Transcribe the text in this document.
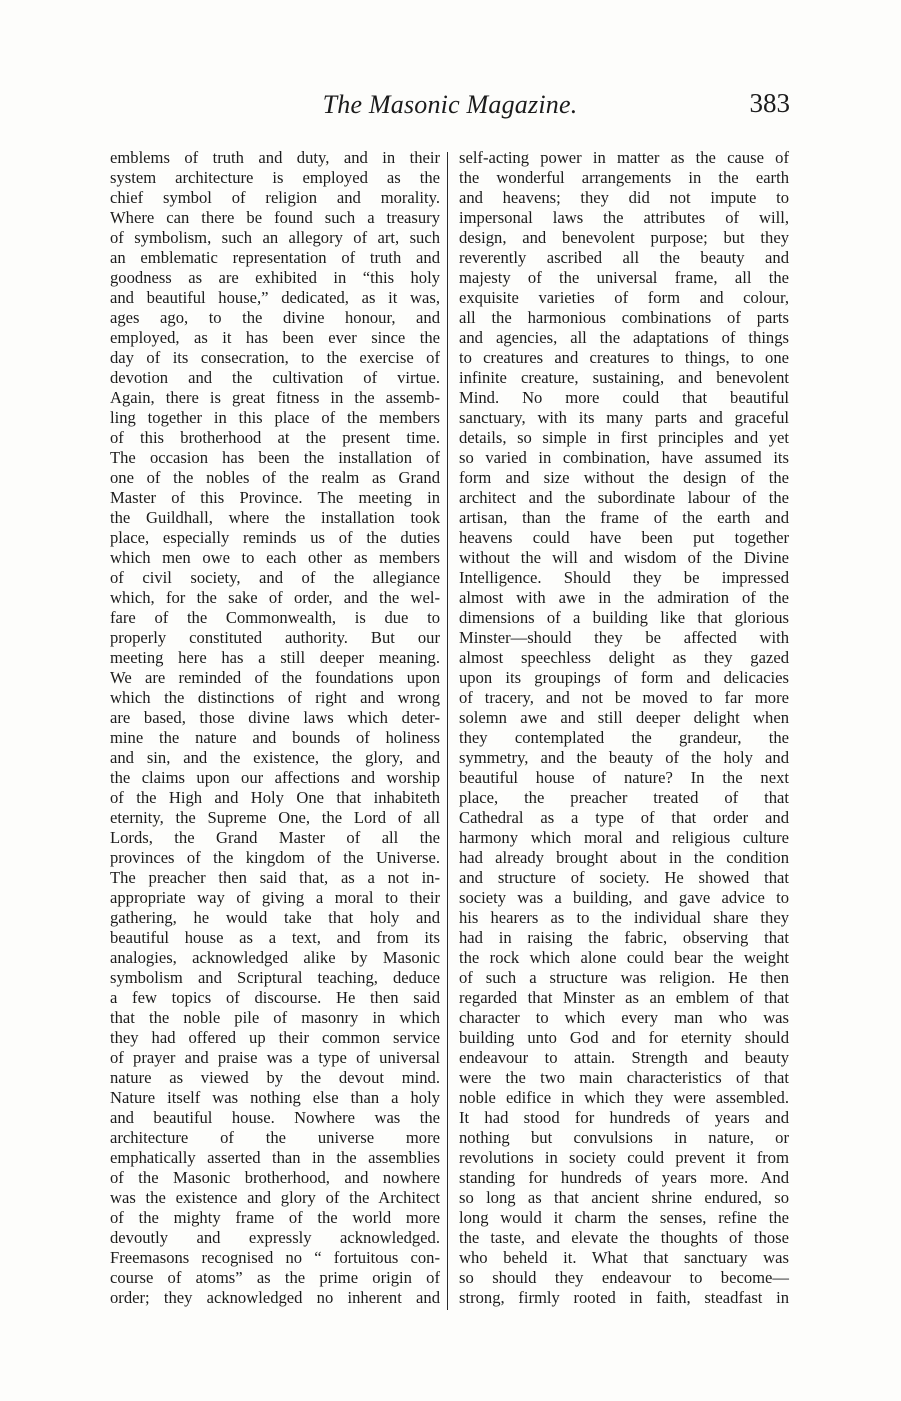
The Masonic Magazine.	383
emblems of truth and duty, and in their
system architecture is employed as the
chief symbol of religion and morality.
Where can there be found such a treasury
of symbolism, such an allegory of art, such
an emblematic representation of truth and
goodness as are exhibited in “this holy
and beautiful house,” dedicated, as it was,
ages ago, to the divine honour, and
employed, as it has been ever since the
day of its consecration, to the exercise of
devotion and the cultivation of virtue.
Again, there is great fitness in the assemb-
ling together in this place of the members
of this brotherhood at the present time.
The occasion has been the installation of
one of the nobles of the realm as Grand
Master of this Province. The meeting in
the Guildhall, where the installation took
place, especially reminds us of the duties
which men owe to each other as members
of civil society, and of the allegiance
which, for the sake of order, and the wel-
fare of the Commonwealth, is due to
properly constituted authority. But our
meeting here has a still deeper meaning.
We are reminded of the foundations upon
which the distinctions of right and wrong
are based, those divine laws which deter-
mine the nature and bounds of holiness
and sin, and the existence, the glory, and
the claims upon our affections and worship
of the High and Holy One that inhabiteth
eternity, the Supreme One, the Lord of all
Lords, the Grand Master of all the
provinces of the kingdom of the Universe.
The preacher then said that, as a not in-
appropriate way of giving a moral to their
gathering, he would take that holy and
beautiful house as a text, and from its
analogies, acknowledged alike by Masonic
symbolism and Scriptural teaching, deduce
a few topics of discourse. He then said
that the noble pile of masonry in which
they had offered up their common service
of prayer and praise was a type of universal
nature as viewed by the devout mind.
Nature itself was nothing else than a holy
and beautiful house. Nowhere was the
architecture of the universe more
emphatically asserted than in the assemblies
of the Masonic brotherhood, and nowhere
was the existence and glory of the Architect
of the mighty frame of the world more
devoutly and expressly acknowledged.
Freemasons recognised no “ fortuitous con-
course of atoms” as the prime origin of
order; they acknowledged no inherent and
self-acting power in matter as the cause of
the wonderful arrangements in the earth
and heavens; they did not impute to
impersonal laws the attributes of will,
design, and benevolent purpose; but they
reverently ascribed all the beauty and
majesty of the universal frame, all the
exquisite varieties of form and colour,
all the harmonious combinations of parts
and agencies, all the adaptations of things
to creatures and creatures to things, to one
infinite creature, sustaining, and benevolent
Mind. No more could that beautiful
sanctuary, with its many parts and graceful
details, so simple in first principles and yet
so varied in combination, have assumed its
form and size without the design of the
architect and the subordinate labour of the
artisan, than the frame of the earth and
heavens could have been put together
without the will and wisdom of the Divine
Intelligence. Should they be impressed
almost with awe in the admiration of the
dimensions of a building like that glorious
Minster—should they be affected with
almost speechless delight as they gazed
upon its groupings of form and delicacies
of tracery, and not be moved to far more
solemn awe and still deeper delight when
they contemplated the grandeur, the
symmetry, and the beauty of the holy and
beautiful house of nature? In the next
place, the preacher treated of that
Cathedral as a type of that order and
harmony which moral and religious culture
had already brought about in the condition
and structure of society. He showed that
society was a building, and gave advice to
his hearers as to the individual share they
had in raising the fabric, observing that
the rock which alone could bear the weight
of such a structure was religion. He then
regarded that Minster as an emblem of that
character to which every man who was
building unto God and for eternity should
endeavour to attain. Strength and beauty
were the two main characteristics of that
noble edifice in which they were assembled.
It had stood for hundreds of years and
nothing but convulsions in nature, or
revolutions in society could prevent it from
standing for hundreds of years more. And
so long as that ancient shrine endured, so
long would it charm the senses, refine the
the taste, and elevate the thoughts of those
who beheld it. What that sanctuary was
so should they endeavour to become—
strong, firmly rooted in faith, steadfast in
